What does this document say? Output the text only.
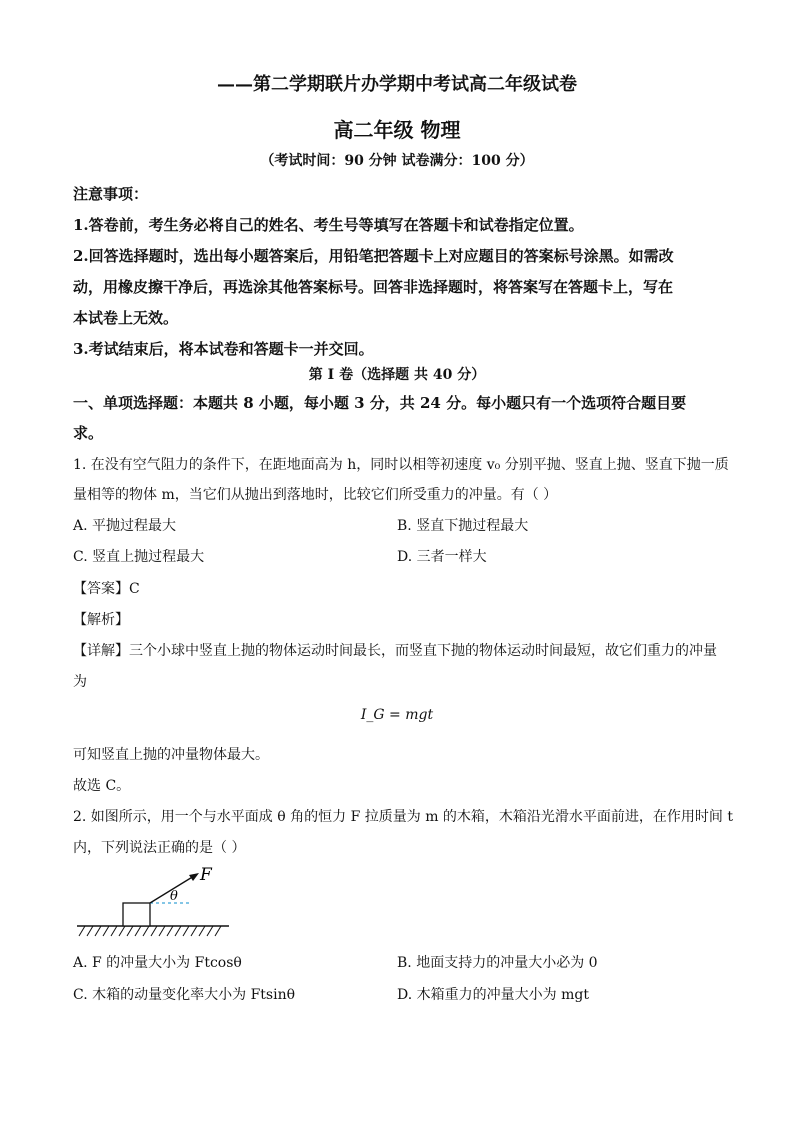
——第二学期联片办学期中考试高二年级试卷
高二年级 物理
（考试时间：90 分钟 试卷满分：100 分）
注意事项：
1.答卷前，考生务必将自己的姓名、考生号等填写在答题卡和试卷指定位置。
2.回答选择题时，选出每小题答案后，用铅笔把答题卡上对应题目的答案标号涂黑。如需改
动，用橡皮擦干净后，再选涂其他答案标号。回答非选择题时，将答案写在答题卡上，写在
本试卷上无效。
3.考试结束后，将本试卷和答题卡一并交回。
第 I 卷（选择题 共 40 分）
一、单项选择题：本题共 8 小题，每小题 3 分，共 24 分。每小题只有一个选项符合题目要
求。
1. 在没有空气阻力的条件下，在距地面高为 h，同时以相等初速度 v₀ 分别平抛、竖直上抛、竖直下抛一质
量相等的物体 m，当它们从抛出到落地时，比较它们所受重力的冲量。有（ ）
A. 平抛过程最大	B. 竖直下抛过程最大
C. 竖直上抛过程最大	D. 三者一样大
【答案】C
【解析】
【详解】三个小球中竖直上抛的物体运动时间最长，而竖直下抛的物体运动时间最短，故它们重力的冲量
为
I_G = mgt
可知竖直上抛的冲量物体最大。
故选 C。
2. 如图所示，用一个与水平面成 θ 角的恒力 F 拉质量为 m 的木箱，木箱沿光滑水平面前进，在作用时间 t
内，下列说法正确的是（ ）
F
θ
A. F 的冲量大小为 Ftcosθ	B. 地面支持力的冲量大小必为 0
C. 木箱的动量变化率大小为 Ftsinθ	D. 木箱重力的冲量大小为 mgt
